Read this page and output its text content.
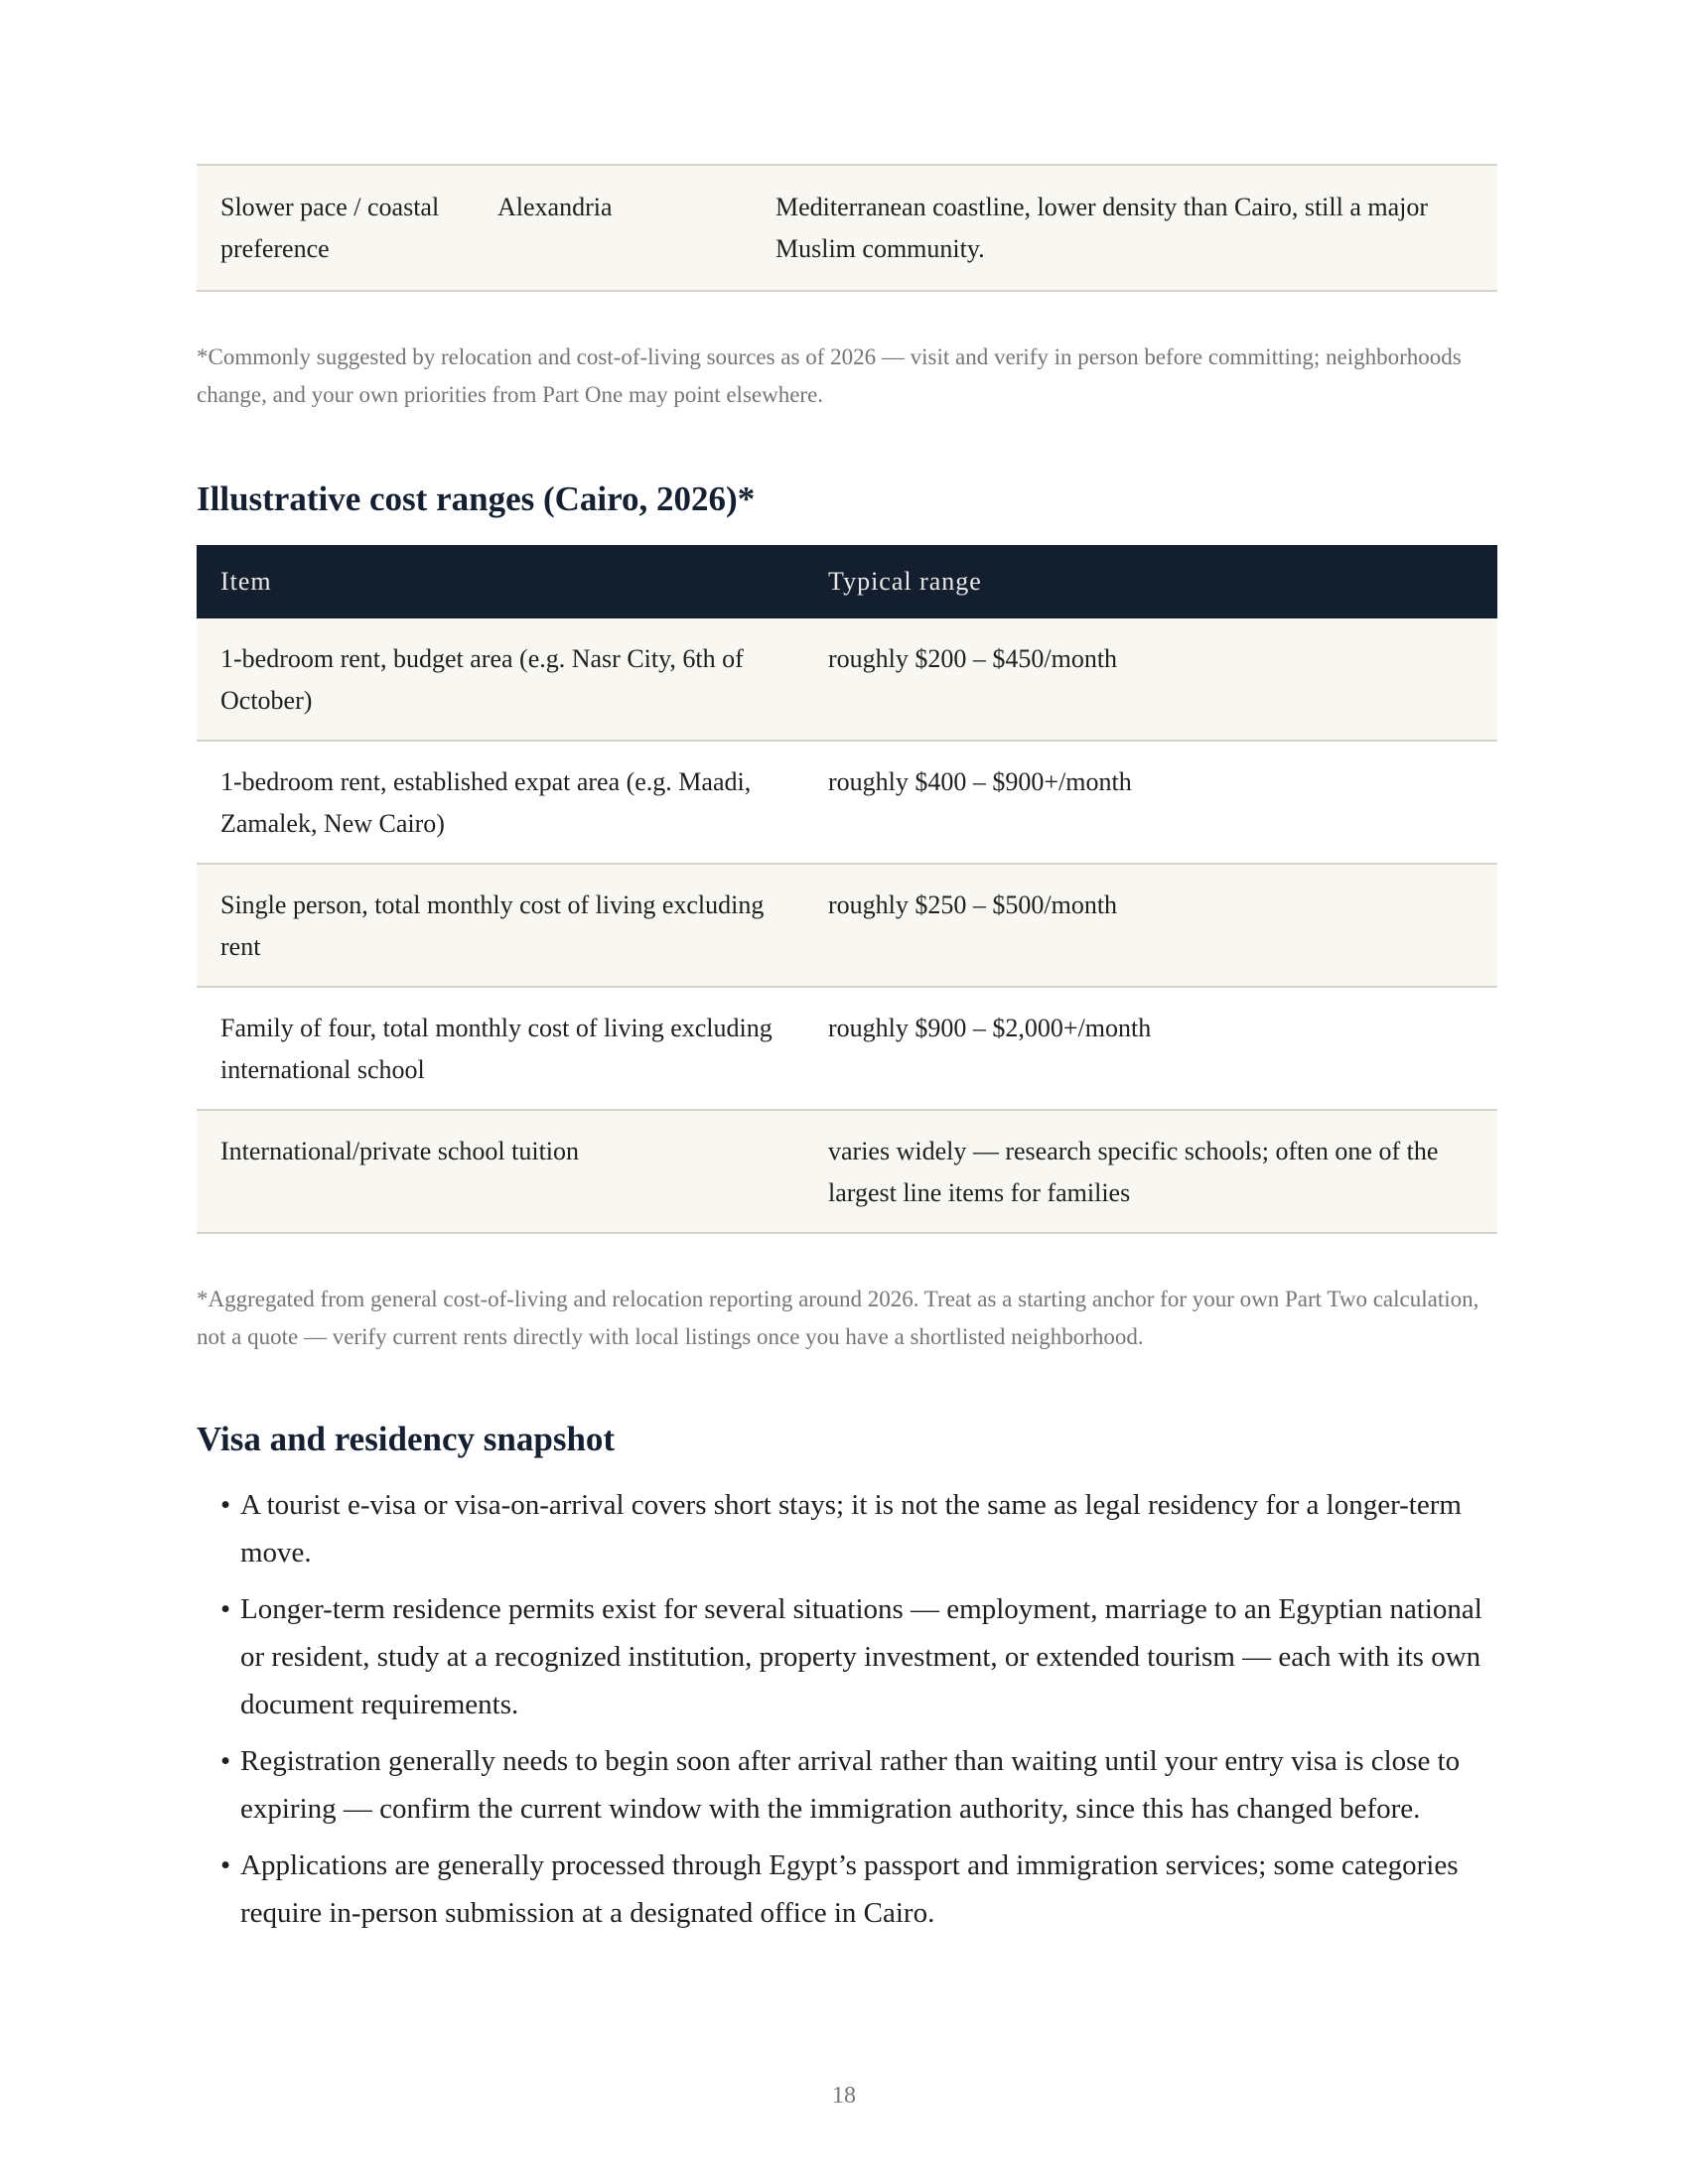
Slower pace / coastal preference	Alexandria	Mediterranean coastline, lower density than Cairo, still a major Muslim community.
*Commonly suggested by relocation and cost-of-living sources as of 2026 — visit and verify in person before committing; neighborhoods change, and your own priorities from Part One may point elsewhere.
Illustrative cost ranges (Cairo, 2026)*
Item	Typical range
1-bedroom rent, budget area (e.g. Nasr City, 6th of October)	roughly $200 – $450/month
1-bedroom rent, established expat area (e.g. Maadi, Zamalek, New Cairo)	roughly $400 – $900+/month
Single person, total monthly cost of living excluding rent	roughly $250 – $500/month
Family of four, total monthly cost of living excluding international school	roughly $900 – $2,000+/month
International/private school tuition	varies widely — research specific schools; often one of the largest line items for families
*Aggregated from general cost-of-living and relocation reporting around 2026. Treat as a starting anchor for your own Part Two calculation, not a quote — verify current rents directly with local listings once you have a shortlisted neighborhood.
Visa and residency snapshot
• A tourist e-visa or visa-on-arrival covers short stays; it is not the same as legal residency for a longer-term move.
• Longer-term residence permits exist for several situations — employment, marriage to an Egyptian national or resident, study at a recognized institution, property investment, or extended tourism — each with its own document requirements.
• Registration generally needs to begin soon after arrival rather than waiting until your entry visa is close to expiring — confirm the current window with the immigration authority, since this has changed before.
• Applications are generally processed through Egypt’s passport and immigration services; some categories require in-person submission at a designated office in Cairo.
18
